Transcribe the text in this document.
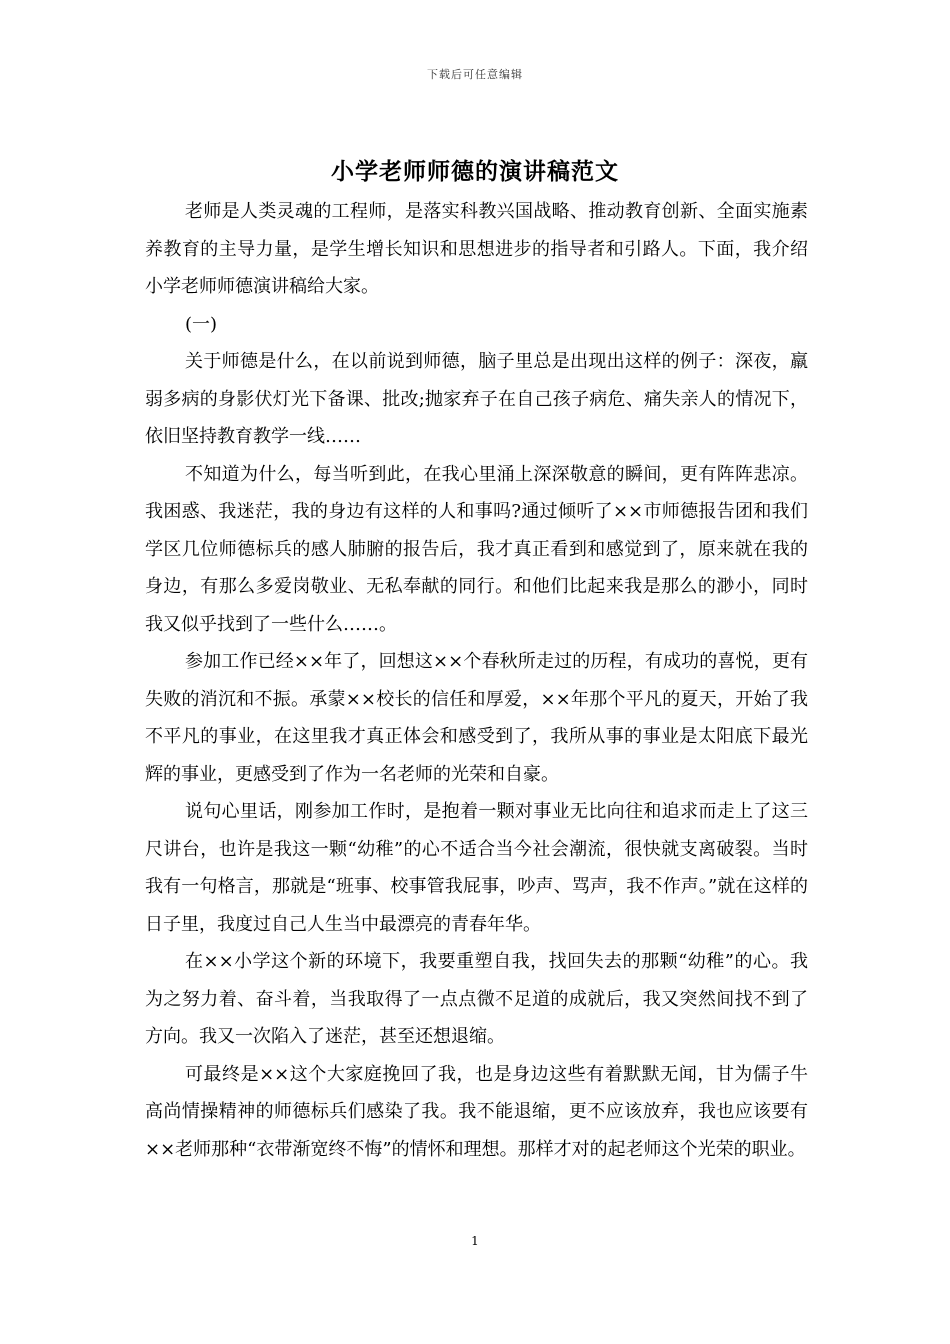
下载后可任意编辑
小学老师师德的演讲稿范文

老师是人类灵魂的工程师，是落实科教兴国战略、推动教育创新、全面实施素养教育的主导力量，是学生增长知识和思想进步的指导者和引路人。下面，我介绍小学老师师德演讲稿给大家。

(一)

关于师德是什么，在以前说到师德，脑子里总是出现出这样的例子：深夜，羸弱多病的身影伏灯光下备课、批改;抛家弃子在自己孩子病危、痛失亲人的情况下，依旧坚持教育教学一线……

不知道为什么，每当听到此，在我心里涌上深深敬意的瞬间，更有阵阵悲凉。我困惑、我迷茫，我的身边有这样的人和事吗?通过倾听了××市师德报告团和我们学区几位师德标兵的感人肺腑的报告后，我才真正看到和感觉到了，原来就在我的身边，有那么多爱岗敬业、无私奉献的同行。和他们比起来我是那么的渺小，同时我又似乎找到了一些什么……。

参加工作已经××年了，回想这××个春秋所走过的历程，有成功的喜悦，更有失败的消沉和不振。承蒙××校长的信任和厚爱，××年那个平凡的夏天，开始了我不平凡的事业，在这里我才真正体会和感受到了，我所从事的事业是太阳底下最光辉的事业，更感受到了作为一名老师的光荣和自豪。

说句心里话，刚参加工作时，是抱着一颗对事业无比向往和追求而走上了这三尺讲台，也许是我这一颗“幼稚”的心不适合当今社会潮流，很快就支离破裂。当时我有一句格言，那就是“班事、校事管我屁事，吵声、骂声，我不作声。”就在这样的日子里，我度过自己人生当中最漂亮的青春年华。

在××小学这个新的环境下，我要重塑自我，找回失去的那颗“幼稚”的心。我为之努力着、奋斗着，当我取得了一点点微不足道的成就后，我又突然间找不到了方向。我又一次陷入了迷茫，甚至还想退缩。

可最终是××这个大家庭挽回了我，也是身边这些有着默默无闻，甘为儒子牛高尚情操精神的师德标兵们感染了我。我不能退缩，更不应该放弃，我也应该要有××老师那种“衣带渐宽终不悔”的情怀和理想。那样才对的起老师这个光荣的职业。

1
